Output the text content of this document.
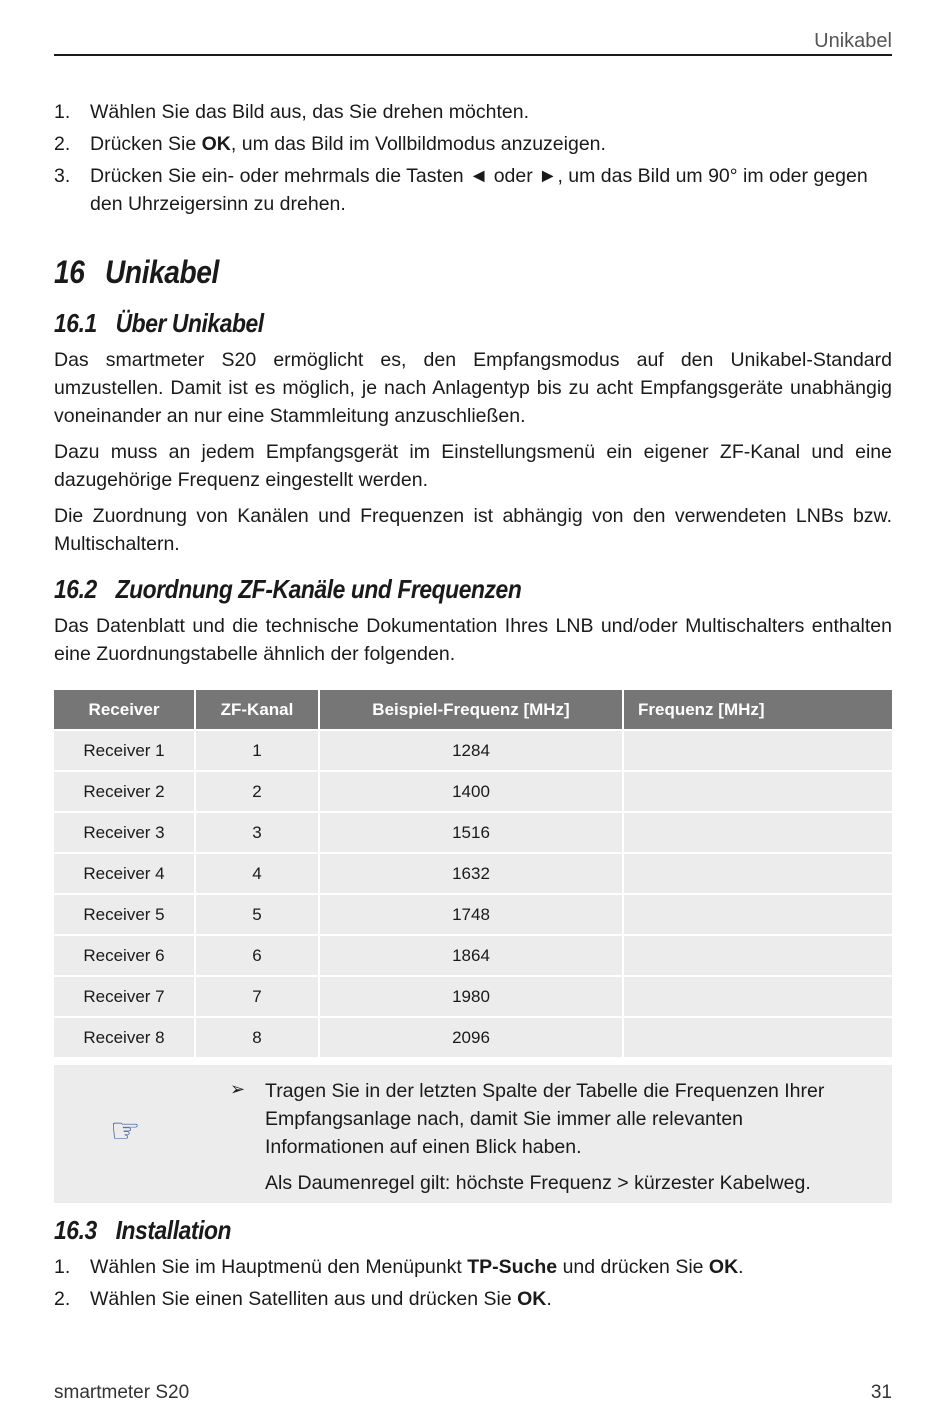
Unikabel
1. Wählen Sie das Bild aus, das Sie drehen möchten.
2. Drücken Sie OK, um das Bild im Vollbildmodus anzuzeigen.
3. Drücken Sie ein- oder mehrmals die Tasten ◄ oder ►, um das Bild um 90° im oder gegen den Uhrzeigersinn zu drehen.
16 Unikabel
16.1 Über Unikabel

Das smartmeter S20 ermöglicht es, den Empfangsmodus auf den Unikabel-Standard umzustellen. Damit ist es möglich, je nach Anlagentyp bis zu acht Empfangsgeräte unabhängig voneinander an nur eine Stammleitung anzuschließen.

Dazu muss an jedem Empfangsgerät im Einstellungsmenü ein eigener ZF-Kanal und eine dazugehörige Frequenz eingestellt werden.

Die Zuordnung von Kanälen und Frequenzen ist abhängig von den verwendeten LNBs bzw. Multischaltern.

16.2 Zuordnung ZF-Kanäle und Frequenzen

Das Datenblatt und die technische Dokumentation Ihres LNB und/oder Multischalters enthalten eine Zuordnungstabelle ähnlich der folgenden.

Receiver	ZF-Kanal	Beispiel-Frequenz [MHz]	Frequenz [MHz]
Receiver 1	1	1284	
Receiver 2	2	1400	
Receiver 3	3	1516	
Receiver 4	4	1632	
Receiver 5	5	1748	
Receiver 6	6	1864	
Receiver 7	7	1980	
Receiver 8	8	2096	
☞
➢ Tragen Sie in der letzten Spalte der Tabelle die Frequenzen Ihrer Empfangsanlage nach, damit Sie immer alle relevanten Informationen auf einen Blick haben.
Als Daumenregel gilt: höchste Frequenz > kürzester Kabelweg.
16.3 Installation
1. Wählen Sie im Hauptmenü den Menüpunkt TP-Suche und drücken Sie OK.
2. Wählen Sie einen Satelliten aus und drücken Sie OK.
smartmeter S20	31
